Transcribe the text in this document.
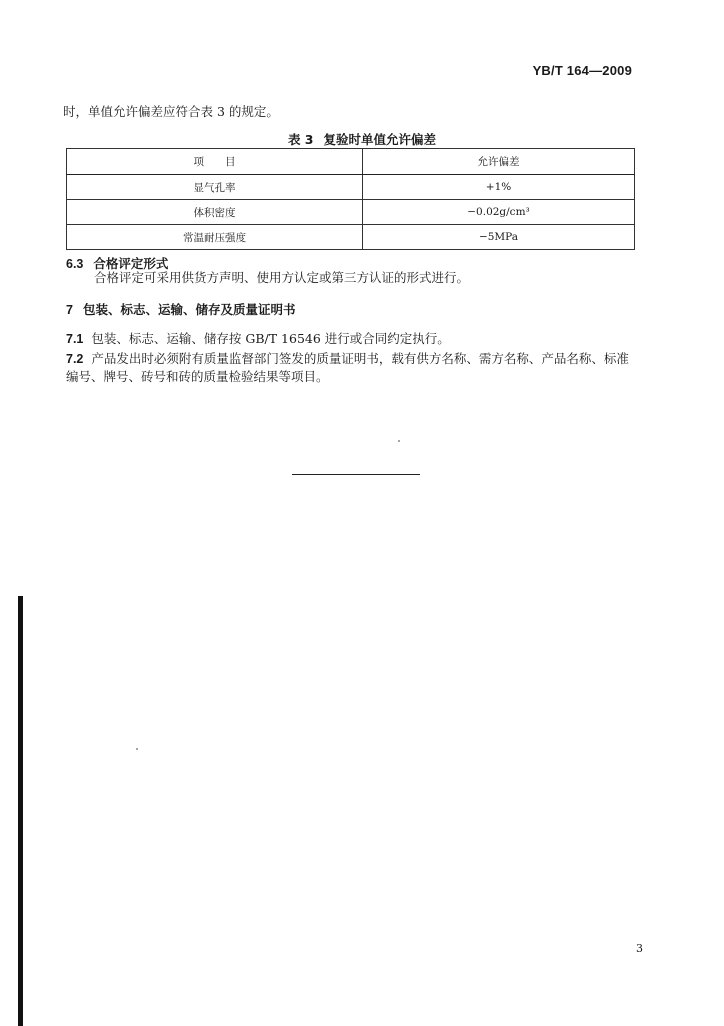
YB/T 164—2009
时，单值允许偏差应符合表 3 的规定。
表 3 复验时单值允许偏差
项　　目	允许偏差
显气孔率	+1%
体积密度	−0.02g/cm³
常温耐压强度	−5MPa
6.3 合格评定形式
合格评定可采用供货方声明、使用方认定或第三方认证的形式进行。
7 包装、标志、运输、储存及质量证明书
7.1 包装、标志、运输、储存按 GB/T 16546 进行或合同约定执行。
7.2 产品发出时必须附有质量监督部门签发的质量证明书，载有供方名称、需方名称、产品名称、标准编号、牌号、砖号和砖的质量检验结果等项目。
3
